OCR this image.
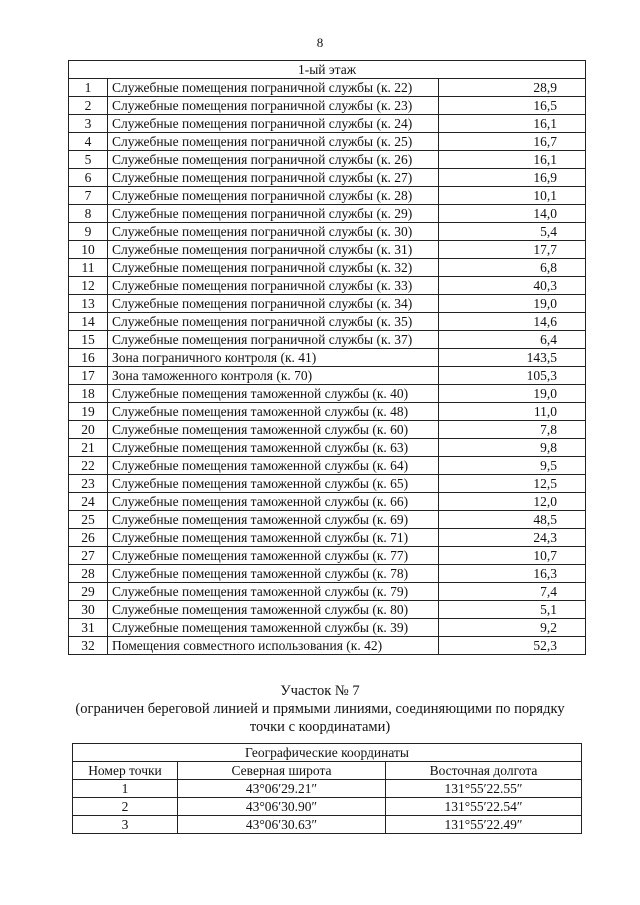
8
1-ый этаж		
1	Служебные помещения пограничной службы (к. 22)	28,9
2	Служебные помещения пограничной службы (к. 23)	16,5
3	Служебные помещения пограничной службы (к. 24)	16,1
4	Служебные помещения пограничной службы (к. 25)	16,7
5	Служебные помещения пограничной службы (к. 26)	16,1
6	Служебные помещения пограничной службы (к. 27)	16,9
7	Служебные помещения пограничной службы (к. 28)	10,1
8	Служебные помещения пограничной службы (к. 29)	14,0
9	Служебные помещения пограничной службы (к. 30)	5,4
10	Служебные помещения пограничной службы (к. 31)	17,7
11	Служебные помещения пограничной службы (к. 32)	6,8
12	Служебные помещения пограничной службы (к. 33)	40,3
13	Служебные помещения пограничной службы (к. 34)	19,0
14	Служебные помещения пограничной службы (к. 35)	14,6
15	Служебные помещения пограничной службы (к. 37)	6,4
16	Зона пограничного контроля (к. 41)	143,5
17	Зона таможенного контроля (к. 70)	105,3
18	Служебные помещения таможенной службы (к. 40)	19,0
19	Служебные помещения таможенной службы (к. 48)	11,0
20	Служебные помещения таможенной службы (к. 60)	7,8
21	Служебные помещения таможенной службы (к. 63)	9,8
22	Служебные помещения таможенной службы (к. 64)	9,5
23	Служебные помещения таможенной службы (к. 65)	12,5
24	Служебные помещения таможенной службы (к. 66)	12,0
25	Служебные помещения таможенной службы (к. 69)	48,5
26	Служебные помещения таможенной службы (к. 71)	24,3
27	Служебные помещения таможенной службы (к. 77)	10,7
28	Служебные помещения таможенной службы (к. 78)	16,3
29	Служебные помещения таможенной службы (к. 79)	7,4
30	Служебные помещения таможенной службы (к. 80)	5,1
31	Служебные помещения таможенной службы (к. 39)	9,2
32	Помещения совместного использования (к. 42)	52,3
Участок № 7
(ограничен береговой линией и прямыми линиями, соединяющими по порядку точки с координатами)
Географические координаты		
Номер точки	Северная широта	Восточная долгота
1	43°06′29.21″	131°55′22.55″
2	43°06′30.90″	131°55′22.54″
3	43°06′30.63″	131°55′22.49″
